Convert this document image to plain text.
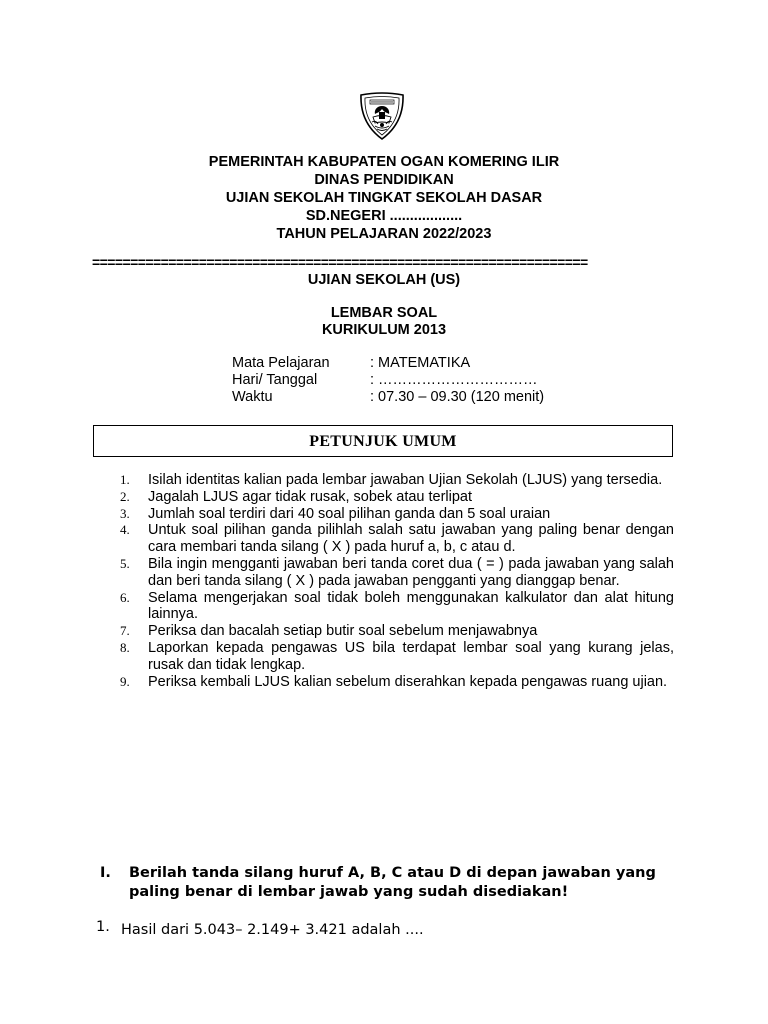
PEMERINTAH KABUPATEN OGAN KOMERING ILIR
DINAS PENDIDIKAN
UJIAN SEKOLAH TINGKAT SEKOLAH DASAR
SD.NEGERI ..................
TAHUN PELAJARAN 2022/2023
=================================================================
UJIAN SEKOLAH (US)
LEMBAR SOAL
KURIKULUM 2013
Mata Pelajaran	: MATEMATIKA
Hari/ Tanggal	: ……………………………
Waktu	: 07.30 – 09.30 (120 menit)
PETUNJUK UMUM
1.	Isilah identitas kalian pada lembar jawaban Ujian Sekolah (LJUS) yang tersedia.
2.	Jagalah LJUS agar tidak rusak, sobek atau terlipat
3.	Jumlah soal terdiri dari 40 soal pilihan ganda dan 5 soal uraian
4.	Untuk soal pilihan ganda pilihlah salah satu jawaban yang paling benar dengan cara membari tanda silang ( X ) pada huruf a, b, c atau d.
5.	Bila ingin mengganti jawaban beri tanda coret dua ( = ) pada jawaban yang salah dan beri tanda silang ( X ) pada jawaban pengganti yang dianggap benar.
6.	Selama mengerjakan soal tidak boleh menggunakan kalkulator dan alat hitung lainnya.
7.	Periksa dan bacalah setiap butir soal sebelum menjawabnya
8.	Laporkan kepada pengawas US bila terdapat lembar soal yang kurang jelas, rusak dan tidak lengkap.
9.	Periksa kembali LJUS kalian sebelum diserahkan kepada pengawas ruang ujian.
I.	Berilah tanda silang huruf A, B, C atau D di depan jawaban yang
paling benar di lembar jawab yang sudah disediakan!
1. Hasil dari 5.043– 2.149+ 3.421 adalah ....
